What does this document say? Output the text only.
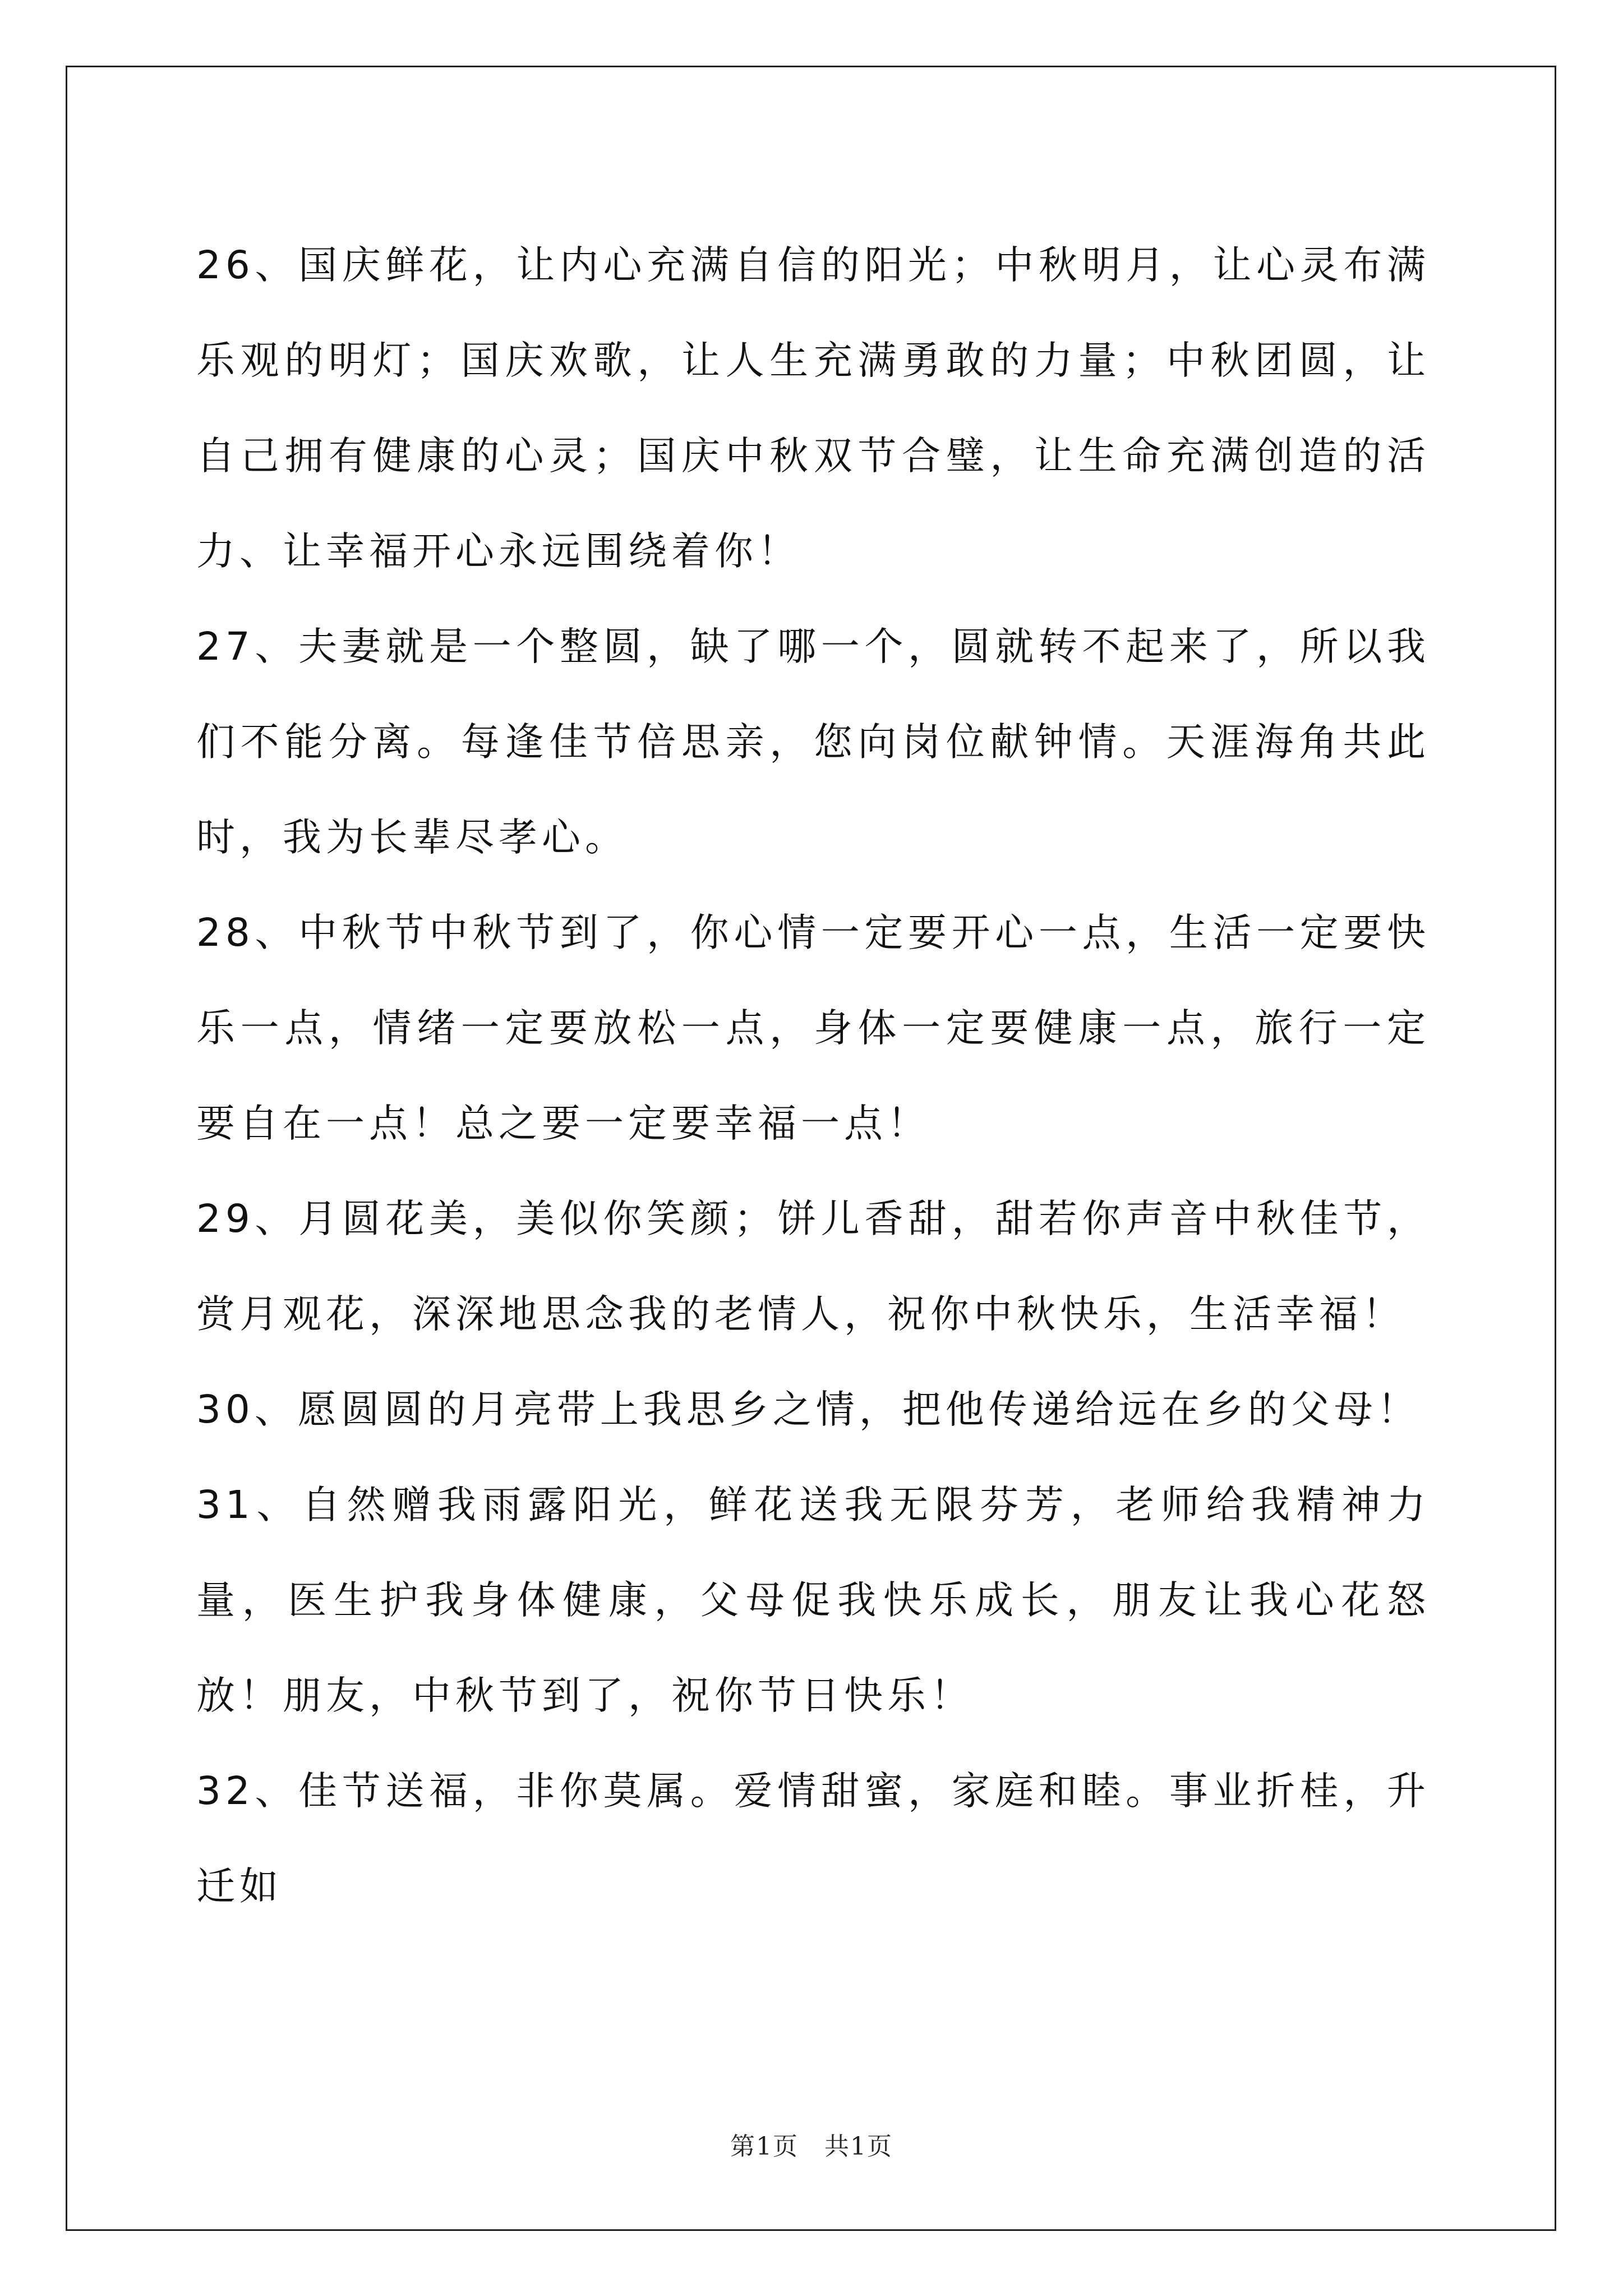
26、国庆鲜花，让内心充满自信的阳光；中秋明月，让心灵布满乐观的明灯；国庆欢歌，让人生充满勇敢的力量；中秋团圆，让自己拥有健康的心灵；国庆中秋双节合璧，让生命充满创造的活力、让幸福开心永远围绕着你！

27、夫妻就是一个整圆，缺了哪一个，圆就转不起来了，所以我们不能分离。每逢佳节倍思亲，您向岗位献钟情。天涯海角共此时，我为长辈尽孝心。

28、中秋节中秋节到了，你心情一定要开心一点，生活一定要快乐一点，情绪一定要放松一点，身体一定要健康一点，旅行一定要自在一点！总之要一定要幸福一点！

29、月圆花美，美似你笑颜；饼儿香甜，甜若你声音中秋佳节，赏月观花，深深地思念我的老情人，祝你中秋快乐，生活幸福！

30、愿圆圆的月亮带上我思乡之情，把他传递给远在乡的父母！

31、自然赠我雨露阳光，鲜花送我无限芬芳，老师给我精神力量，医生护我身体健康，父母促我快乐成长，朋友让我心花怒放！朋友，中秋节到了，祝你节日快乐！

32、佳节送福，非你莫属。爱情甜蜜，家庭和睦。事业折桂，升迁如

第1页　共1页
